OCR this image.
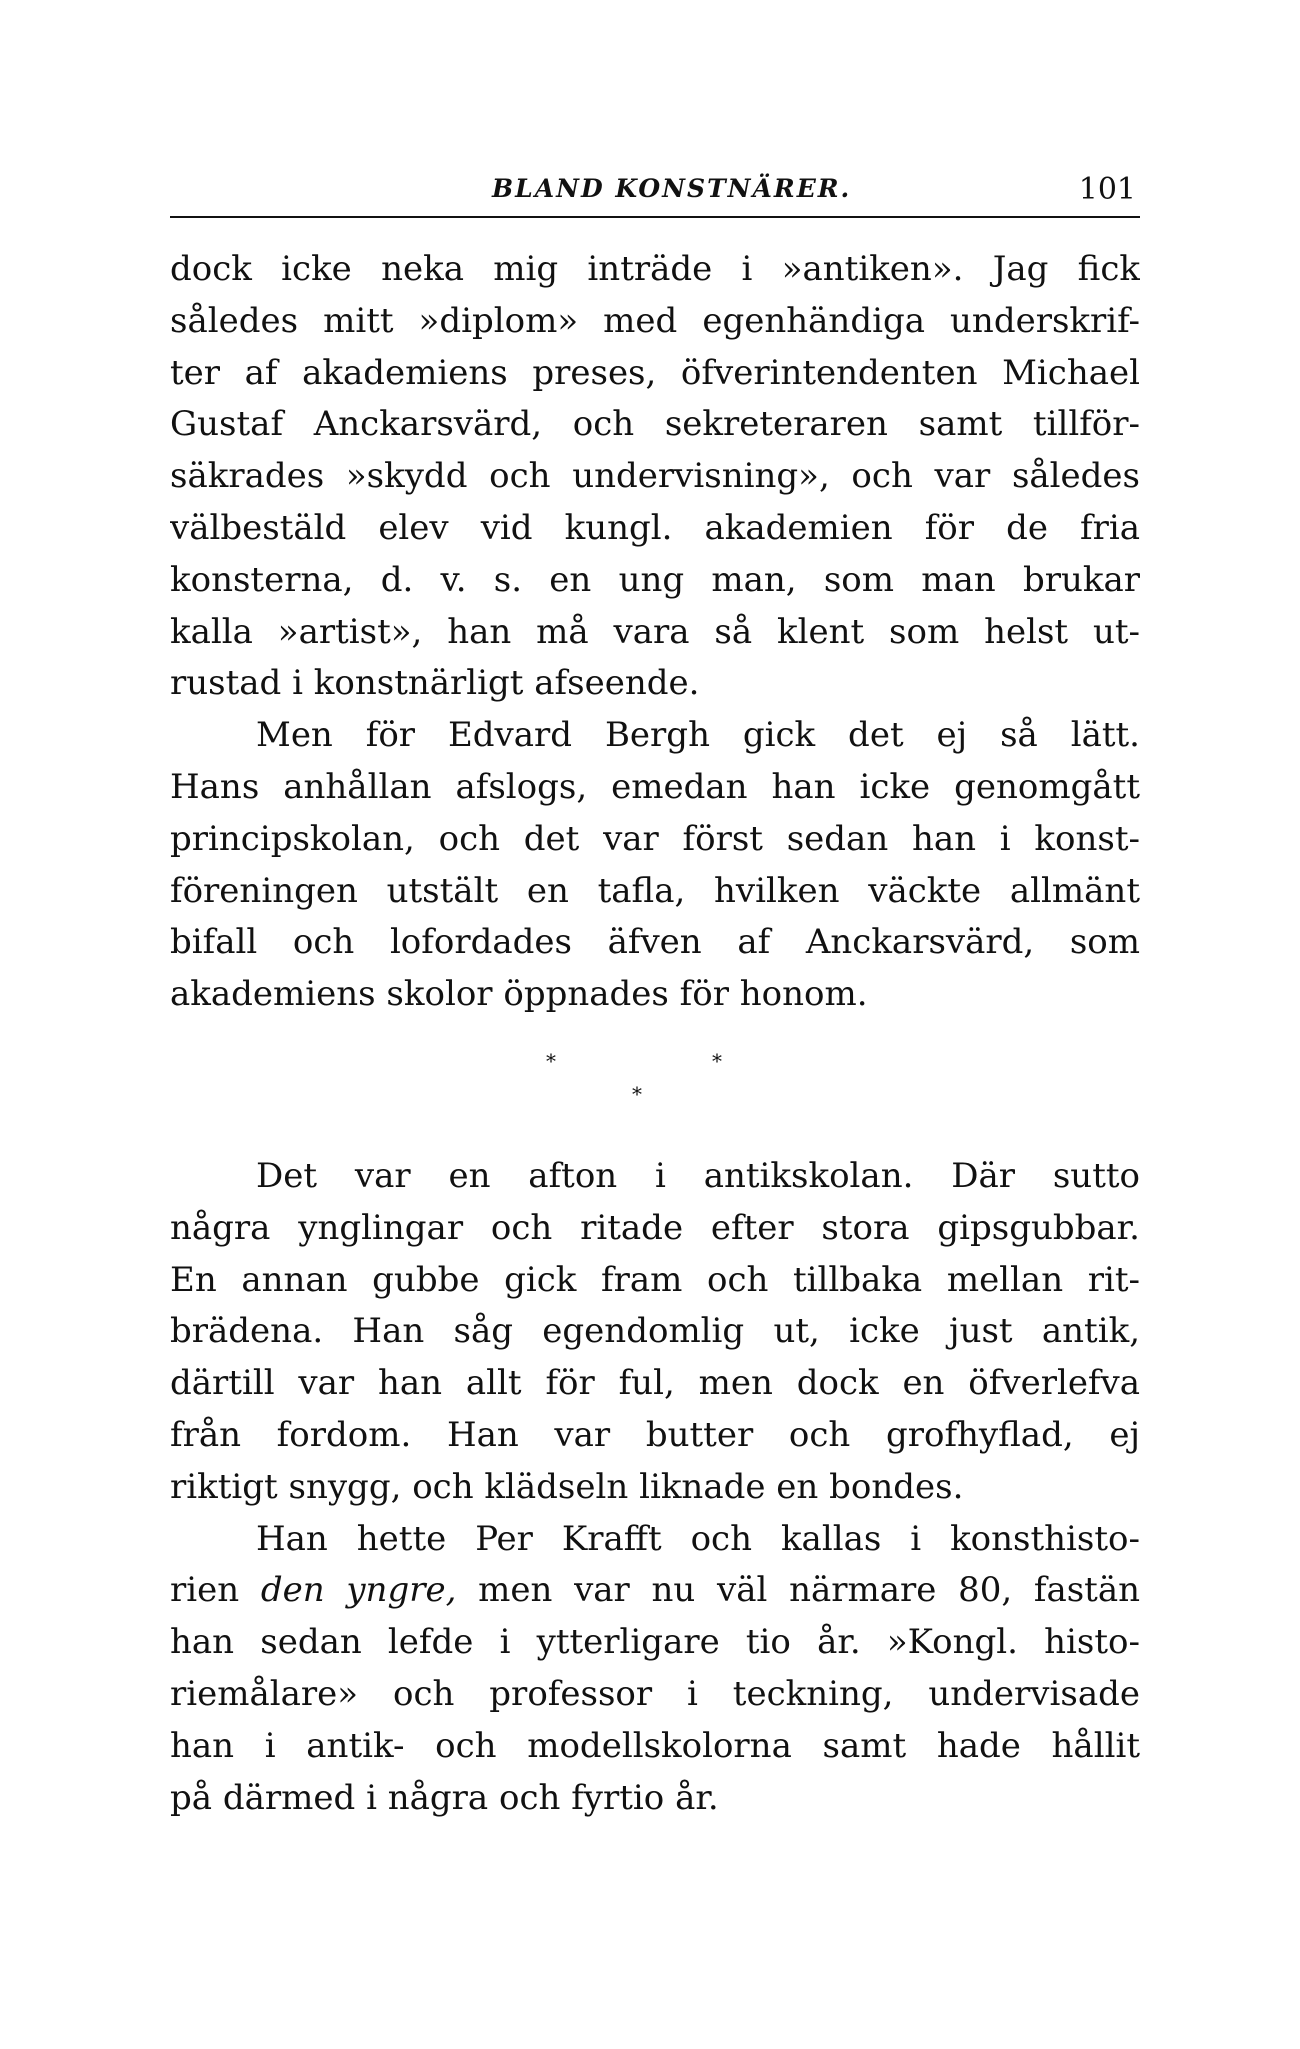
BLAND KONSTNÄRER.	101
dock icke neka mig inträde i »antiken». Jag fick
således mitt »diplom» med egenhändiga underskrif-
ter af akademiens preses, öfverintendenten Michael
Gustaf Anckarsvärd, och sekreteraren samt tillför-
säkrades »skydd och undervisning», och var således
välbestäld elev vid kungl. akademien för de fria
konsterna, d. v. s. en ung man, som man brukar
kalla »artist», han må vara så klent som helst ut-
rustad i konstnärligt afseende.
Men för Edvard Bergh gick det ej så lätt.
Hans anhållan afslogs, emedan han icke genomgått
principskolan, och det var först sedan han i konst-
föreningen utstält en tafla, hvilken väckte allmänt
bifall och lofordades äfven af Anckarsvärd, som
akademiens skolor öppnades för honom.
*	*
*
Det var en afton i antikskolan. Där sutto
några ynglingar och ritade efter stora gipsgubbar.
En annan gubbe gick fram och tillbaka mellan rit-
brädena. Han såg egendomlig ut, icke just antik,
därtill var han allt för ful, men dock en öfverlefva
från fordom. Han var butter och grofhyflad, ej
riktigt snygg, och klädseln liknade en bondes.
Han hette Per Krafft och kallas i konsthisto-
rien den yngre, men var nu väl närmare 80, fastän
han sedan lefde i ytterligare tio år. »Kongl. histo-
riemålare» och professor i teckning, undervisade
han i antik- och modellskolorna samt hade hållit
på därmed i några och fyrtio år.
